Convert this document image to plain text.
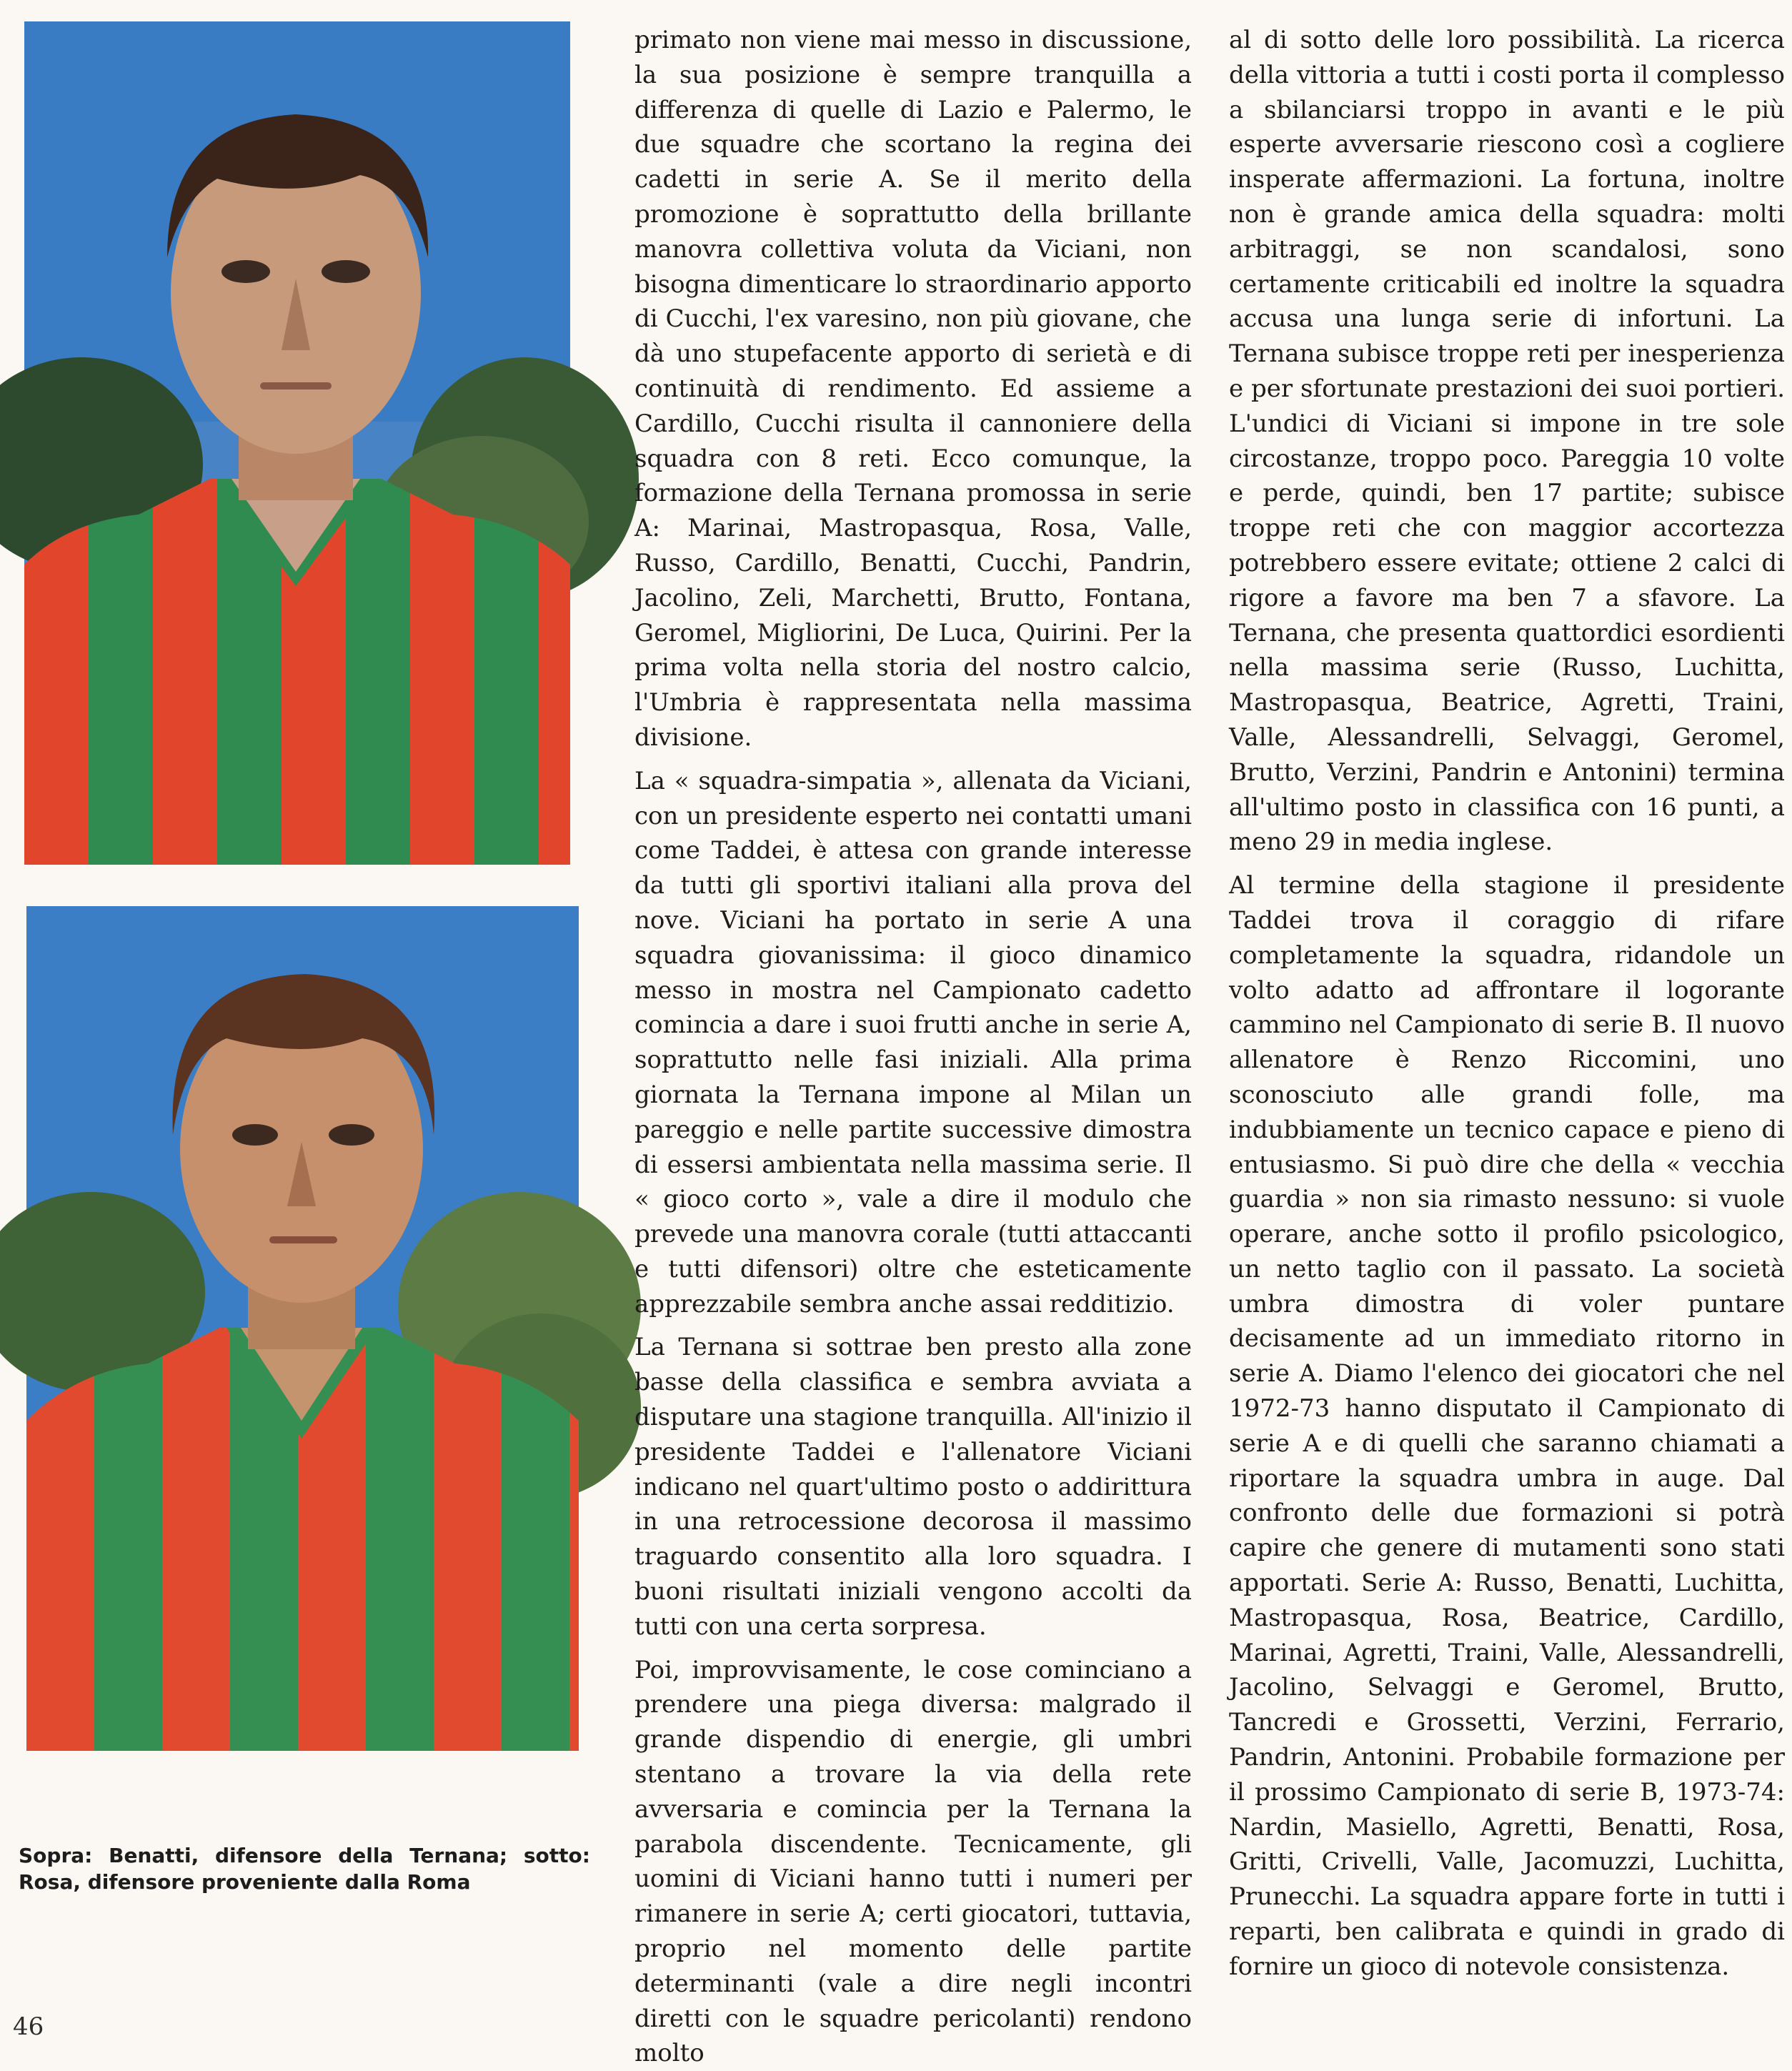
Sopra: Benatti, difensore della Ternana; sotto: Rosa, difensore proveniente dalla Roma

primato non viene mai messo in discussione, la sua posizione è sempre tranquilla a differenza di quelle di Lazio e Palermo, le due squadre che scortano la regina dei cadetti in serie A. Se il merito della promozione è soprattutto della brillante manovra collettiva voluta da Viciani, non bisogna dimenticare lo straordinario apporto di Cucchi, l'ex varesino, non più giovane, che dà uno stupefacente apporto di serietà e di continuità di rendimento. Ed assieme a Cardillo, Cucchi risulta il cannoniere della squadra con 8 reti. Ecco comunque, la formazione della Ternana promossa in serie A: Marinai, Mastropasqua, Rosa, Valle, Russo, Cardillo, Benatti, Cucchi, Pandrin, Jacolino, Zeli, Marchetti, Brutto, Fontana, Geromel, Migliorini, De Luca, Quirini. Per la prima volta nella storia del nostro calcio, l'Umbria è rappresentata nella massima divisione.

La « squadra-simpatia », allenata da Viciani, con un presidente esperto nei contatti umani come Taddei, è attesa con grande interesse da tutti gli sportivi italiani alla prova del nove. Viciani ha portato in serie A una squadra giovanissima: il gioco dinamico messo in mostra nel Campionato cadetto comincia a dare i suoi frutti anche in serie A, soprattutto nelle fasi iniziali. Alla prima giornata la Ternana impone al Milan un pareggio e nelle partite successive dimostra di essersi ambientata nella massima serie. Il « gioco corto », vale a dire il modulo che prevede una manovra corale (tutti attaccanti e tutti difensori) oltre che esteticamente apprezzabile sembra anche assai redditizio.

La Ternana si sottrae ben presto alla zone basse della classifica e sembra avviata a disputare una stagione tranquilla. All'inizio il presidente Taddei e l'allenatore Viciani indicano nel quart'ultimo posto o addirittura in una retrocessione decorosa il massimo traguardo consentito alla loro squadra. I buoni risultati iniziali vengono accolti da tutti con una certa sorpresa.

Poi, improvvisamente, le cose cominciano a prendere una piega diversa: malgrado il grande dispendio di energie, gli umbri stentano a trovare la via della rete avversaria e comincia per la Ternana la parabola discendente. Tecnicamente, gli uomini di Viciani hanno tutti i numeri per rimanere in serie A; certi giocatori, tuttavia, proprio nel momento delle partite determinanti (vale a dire negli incontri diretti con le squadre pericolanti) rendono molto

al di sotto delle loro possibilità. La ricerca della vittoria a tutti i costi porta il complesso a sbilanciarsi troppo in avanti e le più esperte avversarie riescono così a cogliere insperate affermazioni. La fortuna, inoltre non è grande amica della squadra: molti arbitraggi, se non scandalosi, sono certamente criticabili ed inoltre la squadra accusa una lunga serie di infortuni. La Ternana subisce troppe reti per inesperienza e per sfortunate prestazioni dei suoi portieri. L'undici di Viciani si impone in tre sole circostanze, troppo poco. Pareggia 10 volte e perde, quindi, ben 17 partite; subisce troppe reti che con maggior accortezza potrebbero essere evitate; ottiene 2 calci di rigore a favore ma ben 7 a sfavore. La Ternana, che presenta quattordici esordienti nella massima serie (Russo, Luchitta, Mastropasqua, Beatrice, Agretti, Traini, Valle, Alessandrelli, Selvaggi, Geromel, Brutto, Verzini, Pandrin e Antonini) termina all'ultimo posto in classifica con 16 punti, a meno 29 in media inglese.

Al termine della stagione il presidente Taddei trova il coraggio di rifare completamente la squadra, ridandole un volto adatto ad affrontare il logorante cammino nel Campionato di serie B. Il nuovo allenatore è Renzo Riccomini, uno sconosciuto alle grandi folle, ma indubbiamente un tecnico capace e pieno di entusiasmo. Si può dire che della « vecchia guardia » non sia rimasto nessuno: si vuole operare, anche sotto il profilo psicologico, un netto taglio con il passato. La società umbra dimostra di voler puntare decisamente ad un immediato ritorno in serie A. Diamo l'elenco dei giocatori che nel 1972-73 hanno disputato il Campionato di serie A e di quelli che saranno chiamati a riportare la squadra umbra in auge. Dal confronto delle due formazioni si potrà capire che genere di mutamenti sono stati apportati. Serie A: Russo, Benatti, Luchitta, Mastropasqua, Rosa, Beatrice, Cardillo, Marinai, Agretti, Traini, Valle, Alessandrelli, Jacolino, Selvaggi e Geromel, Brutto, Tancredi e Grossetti, Verzini, Ferrario, Pandrin, Antonini. Probabile formazione per il prossimo Campionato di serie B, 1973-74: Nardin, Masiello, Agretti, Benatti, Rosa, Gritti, Crivelli, Valle, Jacomuzzi, Luchitta, Prunecchi. La squadra appare forte in tutti i reparti, ben calibrata e quindi in grado di fornire un gioco di notevole consistenza.

46
